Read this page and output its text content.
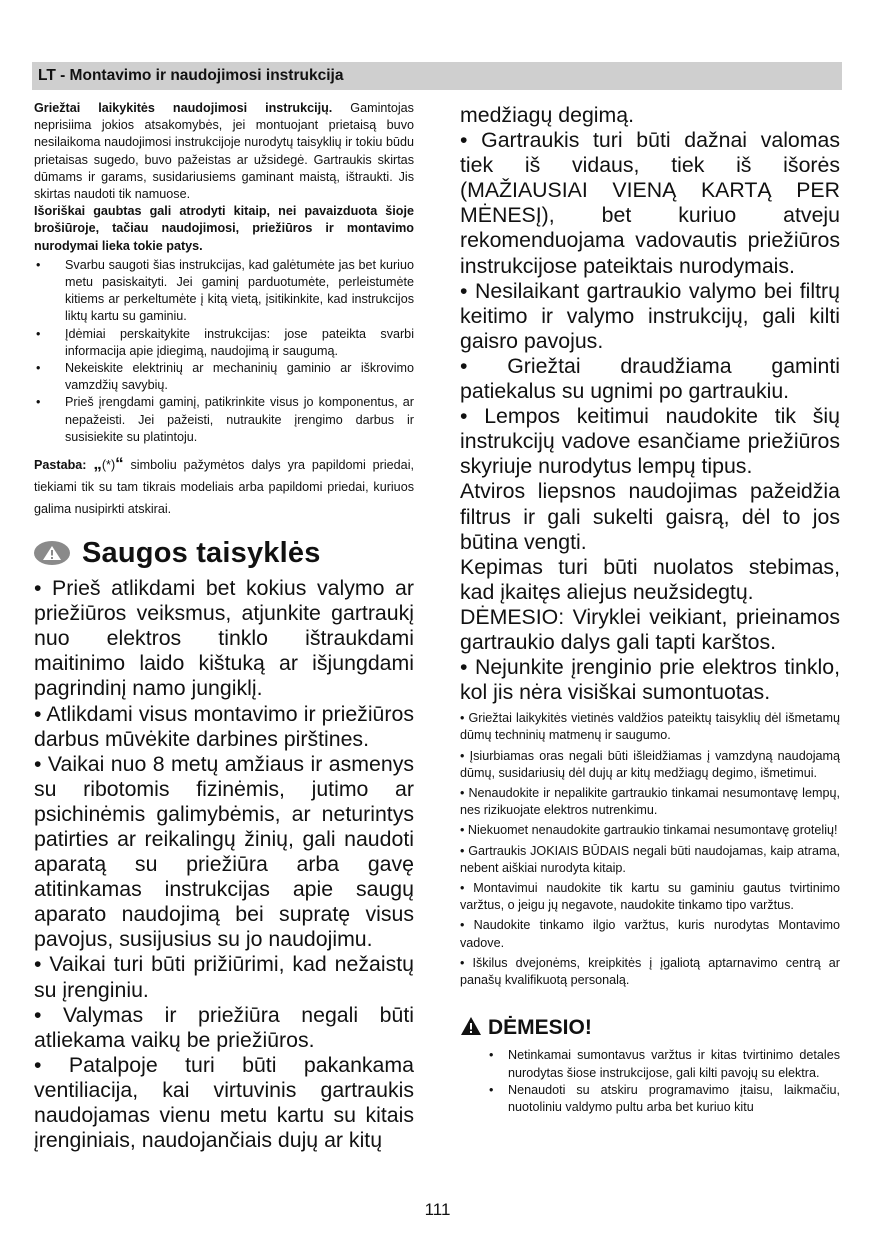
LT - Montavimo ir naudojimosi instrukcija

Griežtai laikykitės naudojimosi instrukcijų. Gamintojas neprisiima jokios atsakomybės, jei montuojant prietaisą buvo nesilaikoma naudojimosi instrukcijoje nurodytų taisyklių ir tokiu būdu prietaisas sugedo, buvo pažeistas ar užsidegė. Gartraukis skirtas dūmams ir garams, susidariusiems gaminant maistą, ištraukti. Jis skirtas naudoti tik namuose.

Išoriškai gaubtas gali atrodyti kitaip, nei pavaizduota šioje brošiūroje, tačiau naudojimosi, priežiūros ir montavimo nurodymai lieka tokie patys.

• Svarbu saugoti šias instrukcijas, kad galėtumėte jas bet kuriuo metu pasiskaityti. Jei gaminį parduotumėte, perleistumėte kitiems ar perkeltumėte į kitą vietą, įsitikinkite, kad instrukcijos liktų kartu su gaminiu.
• Įdėmiai perskaitykite instrukcijas: jose pateikta svarbi informacija apie įdiegimą, naudojimą ir saugumą.
• Nekeiskite elektrinių ar mechaninių gaminio ar iškrovimo vamzdžių savybių.
• Prieš įrengdami gaminį, patikrinkite visus jo komponentus, ar nepažeisti. Jei pažeisti, nutraukite įrengimo darbus ir susisiekite su platintoju.

Pastaba: „(*)“ simboliu pažymėtos dalys yra papildomi priedai, tiekiami tik su tam tikrais modeliais arba papildomi priedai, kuriuos galima nusipirkti atskirai.

Saugos taisyklės

• Prieš atlikdami bet kokius valymo ar priežiūros veiksmus, atjunkite gartraukį nuo elektros tinklo ištraukdami maitinimo laido kištuką ar išjungdami pagrindinį namo jungiklį.

• Atlikdami visus montavimo ir priežiūros darbus mūvėkite darbines pirštines.

• Vaikai nuo 8 metų amžiaus ir asmenys su ribotomis fizinėmis, jutimo ar psichinėmis galimybėmis, ar neturintys patirties ar reikalingų žinių, gali naudoti aparatą su priežiūra arba gavę atitinkamas instrukcijas apie saugų aparato naudojimą bei supratę visus pavojus, susijusius su jo naudojimu.

• Vaikai turi būti prižiūrimi, kad nežaistų su įrenginiu.

• Valymas ir priežiūra negali būti atliekama vaikų be priežiūros.

• Patalpoje turi būti pakankama ventiliacija, kai virtuvinis gartraukis naudojamas vienu metu kartu su kitais įrenginiais, naudojančiais dujų ar kitų

medžiagų degimą.

• Gartraukis turi būti dažnai valomas tiek iš vidaus, tiek iš išorės (MAŽIAUSIAI VIENĄ KARTĄ PER MĖNESĮ), bet kuriuo atveju rekomenduojama vadovautis priežiūros instrukcijose pateiktais nurodymais.

• Nesilaikant gartraukio valymo bei filtrų keitimo ir valymo instrukcijų, gali kilti gaisro pavojus.

• Griežtai draudžiama gaminti patiekalus su ugnimi po gartraukiu.

• Lempos keitimui naudokite tik šių instrukcijų vadove esančiame priežiūros skyriuje nurodytus lempų tipus.

Atviros liepsnos naudojimas pažeidžia filtrus ir gali sukelti gaisrą, dėl to jos būtina vengti.

Kepimas turi būti nuolatos stebimas, kad įkaitęs aliejus neužsidegtų.

DĖMESIO: Viryklei veikiant, prieinamos gartraukio dalys gali tapti karštos.

• Nejunkite įrenginio prie elektros tinklo, kol jis nėra visiškai sumontuotas.

• Griežtai laikykitės vietinės valdžios pateiktų taisyklių dėl išmetamų dūmų techninių matmenų ir saugumo.

• Įsiurbiamas oras negali būti išleidžiamas į vamzdyną naudojamą dūmų, susidariusių dėl dujų ar kitų medžiagų degimo, išmetimui.

• Nenaudokite ir nepalikite gartraukio tinkamai nesumontavę lempų, nes rizikuojate elektros nutrenkimu.

• Niekuomet nenaudokite gartraukio tinkamai nesumontavę grotelių!

• Gartraukis JOKIAIS BŪDAIS negali būti naudojamas, kaip atrama, nebent aiškiai nurodyta kitaip.

• Montavimui naudokite tik kartu su gaminiu gautus tvirtinimo varžtus, o jeigu jų negavote, naudokite tinkamo tipo varžtus.

• Naudokite tinkamo ilgio varžtus, kuris nurodytas Montavimo vadove.

• Iškilus dvejonėms, kreipkitės į įgaliotą aptarnavimo centrą ar panašų kvalifikuotą personalą.

DĖMESIO!
• Netinkamai sumontavus varžtus ir kitas tvirtinimo detales nurodytas šiose instrukcijose, gali kilti pavojų su elektra.
• Nenaudoti su atskiru programavimo įtaisu, laikmačiu, nuotoliniu valdymo pultu arba bet kuriuo kitu
111
